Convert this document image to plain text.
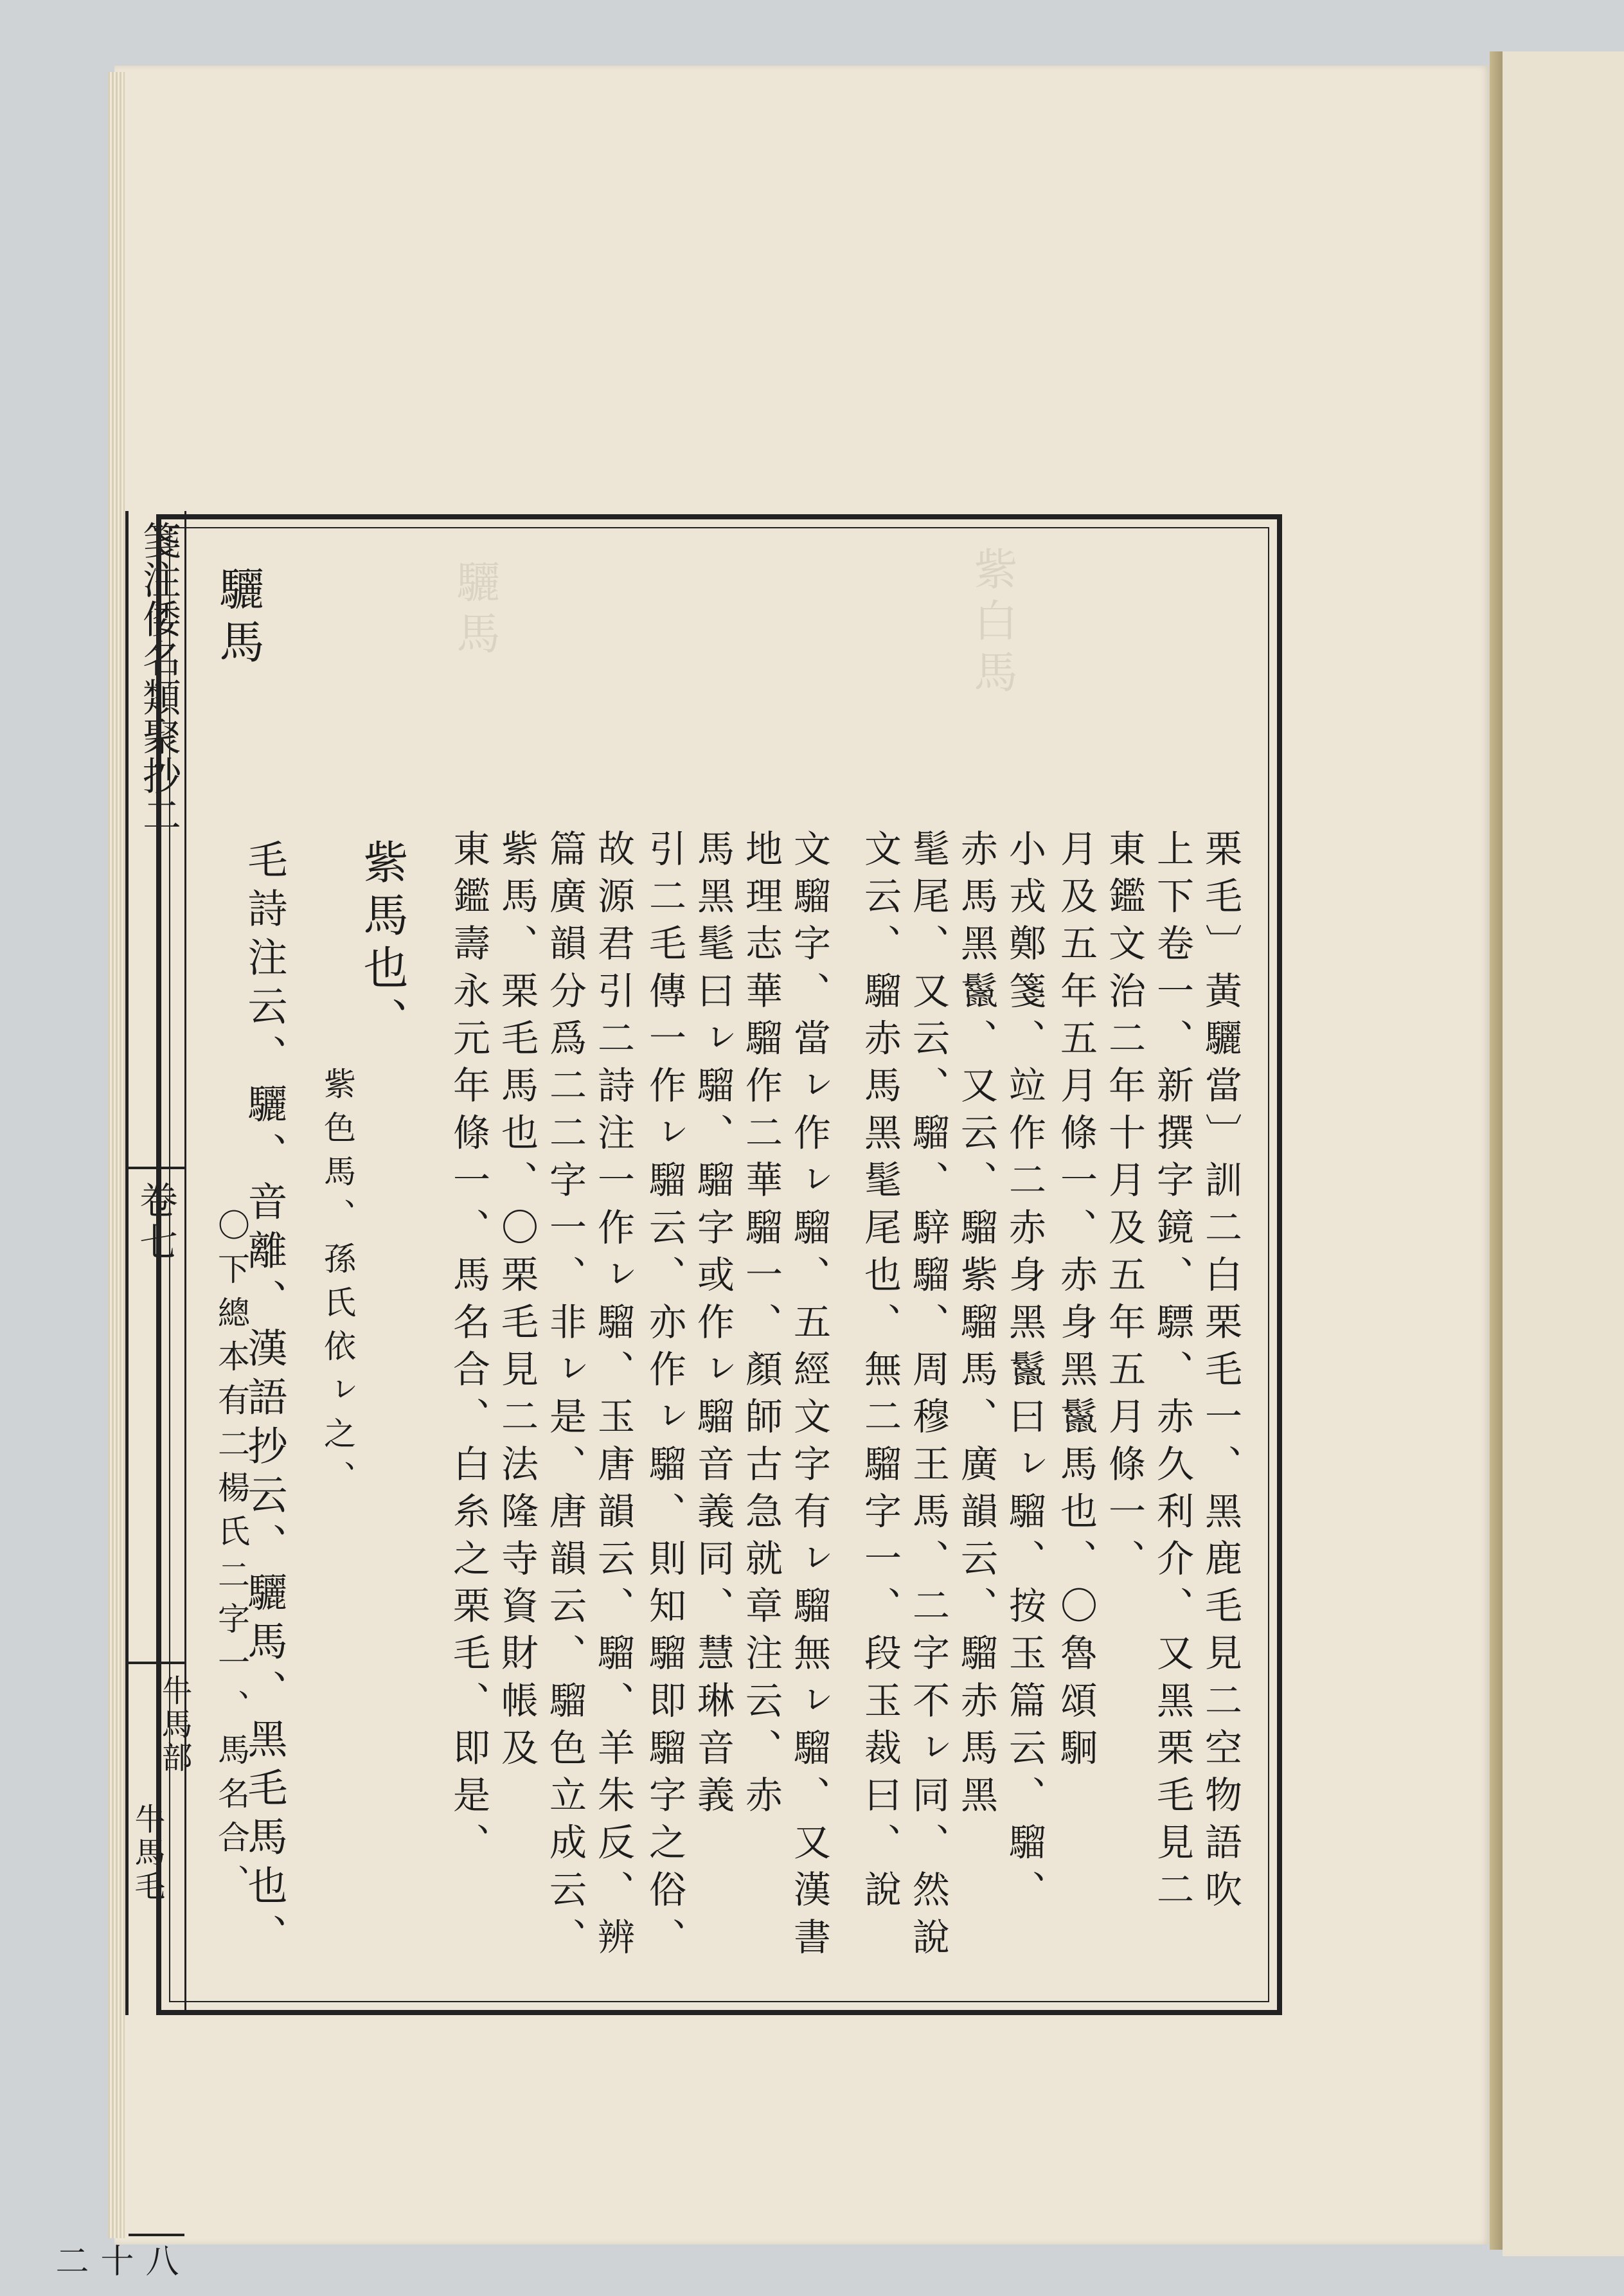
紫白馬
驪馬
箋注倭名類聚抄二
卷七
牛馬部
牛馬毛
八十二
驪馬
栗毛〕黃驪當〕訓二白栗毛一、黑鹿毛見二空物語吹
上下卷一、新撰字鏡、驃、赤久利介、又黑栗毛見二
東鑑文治二年十月及五年五月條一、
月及五年五月條一、赤身黑鬣馬也、〇魯頌駉
小戎鄭箋、竝作二赤身黑鬣曰ㇾ騮、按玉篇云、騮、
赤馬黑鬣、又云、騮紫騮馬、廣韻云、騮赤馬黑
髦尾、又云、騮、騂騮、周穆王馬、二字不ㇾ同、然說
文云、騮赤馬黑髦尾也、無二騮字一、段玉裁曰、說
文騮字、當ㇾ作ㇾ騮、五經文字有ㇾ騮無ㇾ騮、又漢書
地理志華騮作二華騮一、顏師古急就章注云、赤
馬黑髦曰ㇾ騮、騮字或作ㇾ騮音義同、慧琳音義
引二毛傳一作ㇾ騮云、亦作ㇾ騮、則知騮即騮字之俗、
故源君引二詩注一作ㇾ騮、玉唐韻云、騮、羊朱反、辨
篇廣韻分爲二二字一、非ㇾ是、唐韻云、騮色立成云、
紫馬、栗毛馬也、〇栗毛見二法隆寺資財帳及
東鑑壽永元年條一、馬名合、白糸之栗毛、即是、
紫馬也、
紫色馬、孫氏依ㇾ之、
毛詩注云、驪、音離、漢語抄云、驪馬、黑毛馬也、
〇下總本有二楊氏二字一、馬名合、
